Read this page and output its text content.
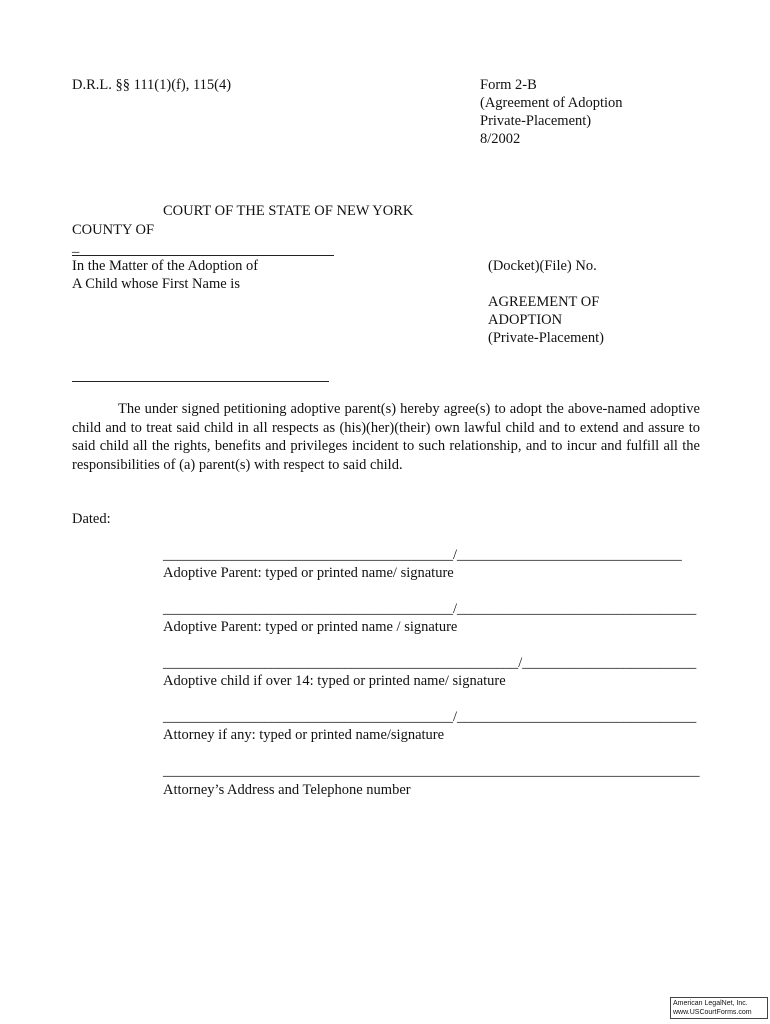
D.R.L. §§ 111(1)(f), 115(4)	Form 2-B
(Agreement of Adoption
Private-Placement)
8/2002
COURT OF THE STATE OF NEW YORK
COUNTY OF
_
In the Matter of the Adoption of
A Child whose First Name is
(Docket)(File) No.
AGREEMENT OF
ADOPTION
(Private-Placement)
The under signed petitioning adoptive parent(s) hereby agree(s) to adopt the above-named adoptive child and to treat said child in all respects as (his)(her)(their) own lawful child and to extend and assure to said child all the rights, benefits and privileges incident to such relationship, and to incur and fulfill all the responsibilities of (a) parent(s) with respect to said child.
Dated:
________________________________________/_______________________________
Adoptive Parent: typed or printed name/ signature
________________________________________/_________________________________
Adoptive Parent: typed or printed name / signature
_________________________________________________/________________________
Adoptive child if over 14: typed or printed name/ signature
________________________________________/_________________________________
Attorney if any: typed or printed name/signature
__________________________________________________________________________
Attorney’s Address and Telephone number
American LegalNet, Inc.
www.USCourtForms.com
